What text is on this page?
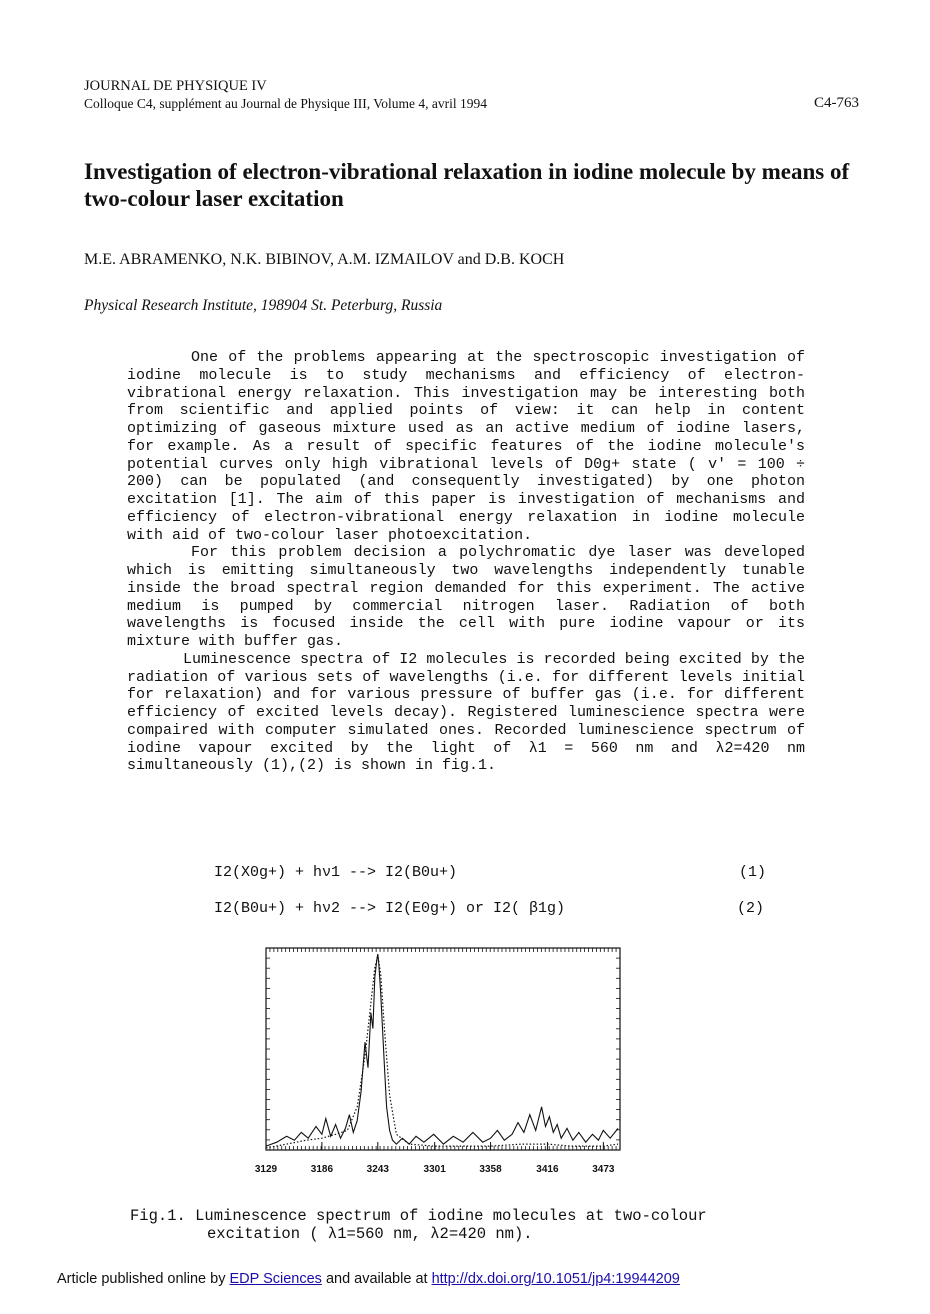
JOURNAL DE PHYSIQUE IV
Colloque C4, supplément au Journal de Physique III, Volume 4, avril 1994	C4-763
Investigation of electron-vibrational relaxation in iodine molecule by means of two-colour laser excitation
M.E. ABRAMENKO, N.K. BIBINOV, A.M. IZMAILOV and D.B. KOCH
Physical Research Institute, 198904 St. Peterburg, Russia

One of the problems appearing at the spectroscopic investigation of iodine molecule is to study mechanisms and efficiency of electron-vibrational energy relaxation. This investigation may be interesting both from scientific and applied points of view: it can help in content optimizing of gaseous mixture used as an active medium of iodine lasers, for example. As a result of specific features of the iodine molecule's potential curves only high vibrational levels of D0g+ state ( v' = 100 ÷ 200) can be populated (and consequently investigated) by one photon excitation [1]. The aim of this paper is investigation of mechanisms and efficiency of electron-vibrational energy relaxation in iodine molecule with aid of two-colour laser photoexcitation.

For this problem decision a polychromatic dye laser was developed which is emitting simultaneously two wavelengths independently tunable inside the broad spectral region demanded for this experiment. The active medium is pumped by commercial nitrogen laser. Radiation of both wavelengths is focused inside the cell with pure iodine vapour or its mixture with buffer gas.

Luminescence spectra of I2 molecules is recorded being excited by the radiation of various sets of wavelengths (i.e. for different levels initial for relaxation) and for various pressure of buffer gas (i.e. for different efficiency of excited levels decay). Registered luminescience spectra were compaired with computer simulated ones. Recorded luminescience spectrum of iodine vapour excited by the light of λ1 = 560 nm and λ2=420 nm simultaneously (1),(2) is shown in fig.1.

I2(X0g+) + hν1 --> I2(B0u+)	(1)
I2(B0u+) + hν2 --> I2(E0g+) or I2( β1g)	(2)
3129	3186	3243	3301	3358	3416	3473
Fig.1. Luminescence spectrum of iodine molecules at two-colour
excitation ( λ1=560 nm, λ2=420 nm).
Article published online by EDP Sciences and available at http://dx.doi.org/10.1051/jp4:19944209
